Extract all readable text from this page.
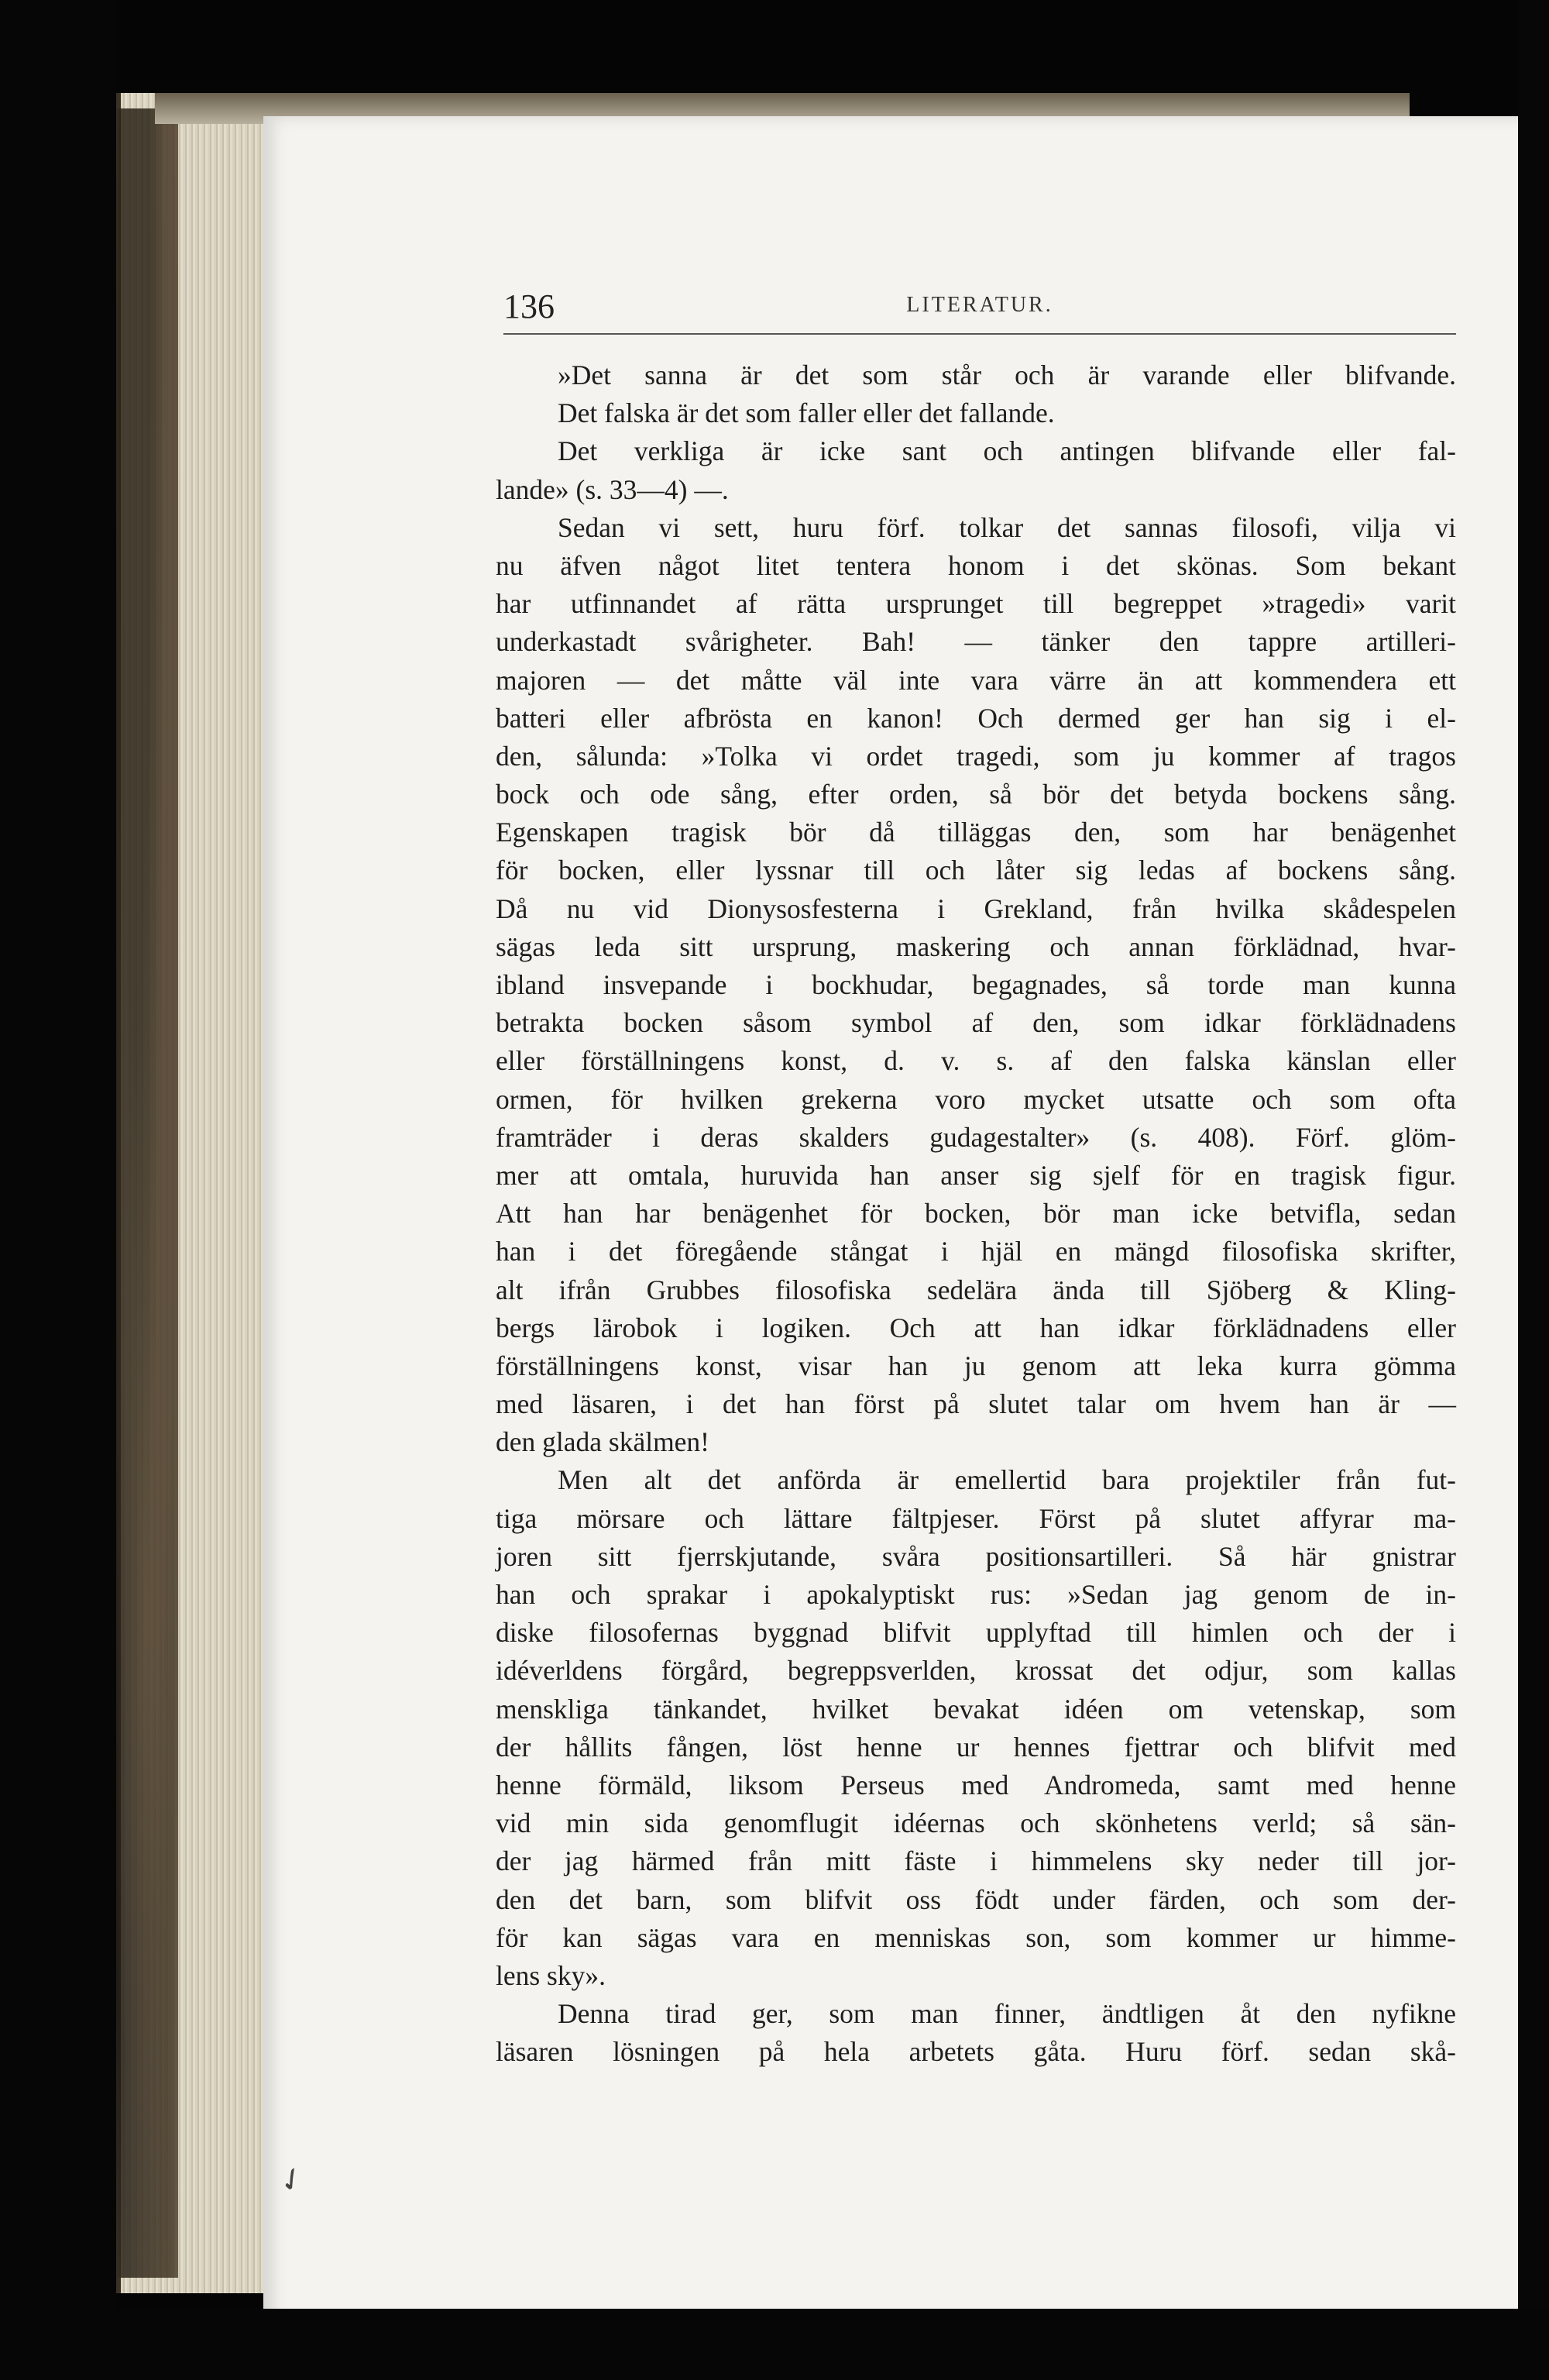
136	LITERATUR.
»Det sanna är det som står och är varande eller blifvande.
Det falska är det som faller eller det fallande.
Det verkliga är icke sant och antingen blifvande eller fal-
lande» (s. 33—4) —.
Sedan vi sett, huru förf. tolkar det sannas filosofi, vilja vi
nu äfven något litet tentera honom i det skönas. Som bekant
har utfinnandet af rätta ursprunget till begreppet »tragedi» varit
underkastadt svårigheter. Bah! — tänker den tappre artilleri-
majoren — det måtte väl inte vara värre än att kommendera ett
batteri eller afbrösta en kanon! Och dermed ger han sig i el-
den, sålunda: »Tolka vi ordet tragedi, som ju kommer af tragos
bock och ode sång, efter orden, så bör det betyda bockens sång.
Egenskapen tragisk bör då tilläggas den, som har benägenhet
för bocken, eller lyssnar till och låter sig ledas af bockens sång.
Då nu vid Dionysosfesterna i Grekland, från hvilka skådespelen
sägas leda sitt ursprung, maskering och annan förklädnad, hvar-
ibland insvepande i bockhudar, begagnades, så torde man kunna
betrakta bocken såsom symbol af den, som idkar förklädnadens
eller förställningens konst, d. v. s. af den falska känslan eller
ormen, för hvilken grekerna voro mycket utsatte och som ofta
framträder i deras skalders gudagestalter» (s. 408). Förf. glöm-
mer att omtala, huruvida han anser sig sjelf för en tragisk figur.
Att han har benägenhet för bocken, bör man icke betvifla, sedan
han i det föregående stångat i hjäl en mängd filosofiska skrifter,
alt ifrån Grubbes filosofiska sedelära ända till Sjöberg & Kling-
bergs lärobok i logiken. Och att han idkar förklädnadens eller
förställningens konst, visar han ju genom att leka kurra gömma
med läsaren, i det han först på slutet talar om hvem han är —
den glada skälmen!
Men alt det anförda är emellertid bara projektiler från fut-
tiga mörsare och lättare fältpjeser. Först på slutet affyrar ma-
joren sitt fjerrskjutande, svåra positionsartilleri. Så här gnistrar
han och sprakar i apokalyptiskt rus: »Sedan jag genom de in-
diske filosofernas byggnad blifvit upplyftad till himlen och der i
idéverldens förgård, begreppsverlden, krossat det odjur, som kallas
menskliga tänkandet, hvilket bevakat idéen om vetenskap, som
der hållits fången, löst henne ur hennes fjettrar och blifvit med
henne förmäld, liksom Perseus med Andromeda, samt med henne
vid min sida genomflugit idéernas och skönhetens verld; så sän-
der jag härmed från mitt fäste i himmelens sky neder till jor-
den det barn, som blifvit oss födt under färden, och som der-
för kan sägas vara en menniskas son, som kommer ur himme-
lens sky».
Denna tirad ger, som man finner, ändtligen åt den nyfikne
läsaren lösningen på hela arbetets gåta. Huru förf. sedan skå-
✓
